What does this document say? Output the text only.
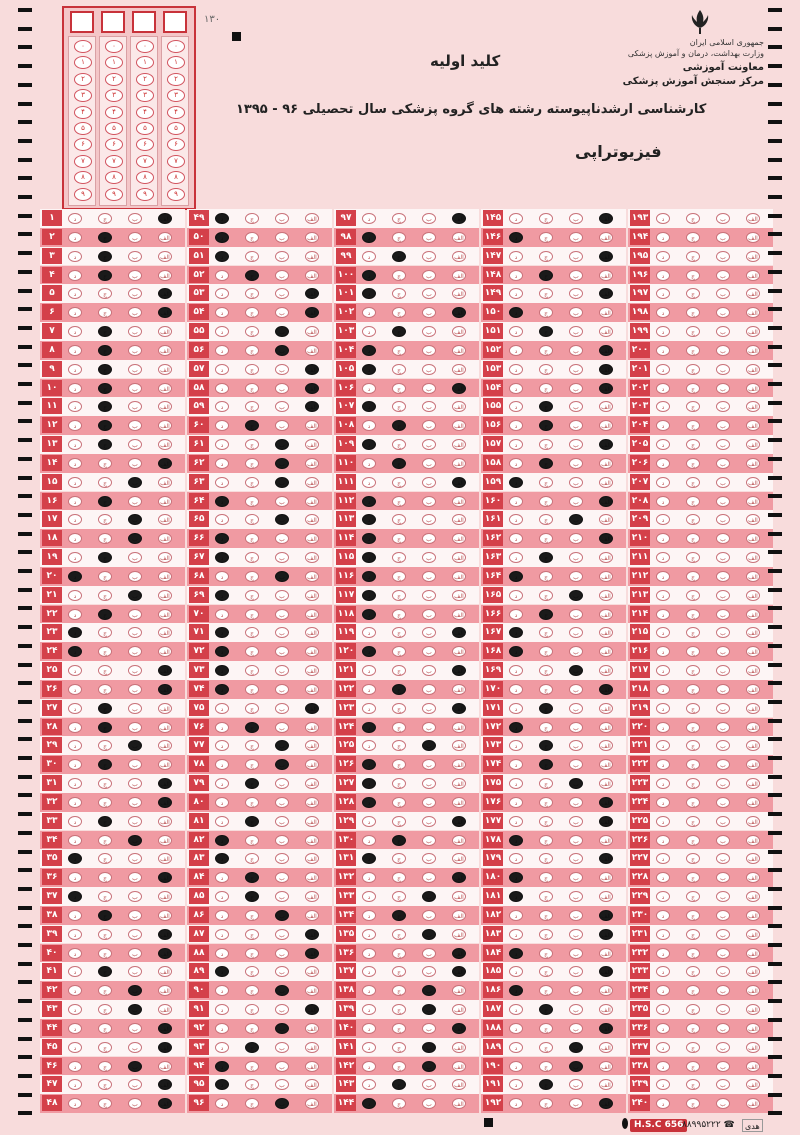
۰
۱
۲
۳
۴
۵
۶
۷
۸
۹
۰
۱
۲
۳
۴
۵
۶
۷
۸
۹
۰
۱
۲
۳
۴
۵
۶
۷
۸
۹
۰
۱
۲
۳
۴
۵
۶
۷
۸
۹
۱۳۰
کلید اولیه
کارشناسی ارشدناپیوسته رشته های گروه پزشکی سال تحصیلی ۹۶ - ۱۳۹۵
فیزیوتراپی
جمهوری اسلامی ایران
وزارت بهداشت، درمان و آموزش پزشکی
معاونت آموزشی
مرکز سنجش آموزش پزشکی
۱	د	ج	ب	الف
۲	د	ج	ب	الف
۳	د	ج	ب	الف
۴	د	ج	ب	الف
۵	د	ج	ب	الف
۶	د	ج	ب	الف
۷	د	ج	ب	الف
۸	د	ج	ب	الف
۹	د	ج	ب	الف
۱۰	د	ج	ب	الف
۱۱	د	ج	ب	الف
۱۲	د	ج	ب	الف
۱۳	د	ج	ب	الف
۱۴	د	ج	ب	الف
۱۵	د	ج	ب	الف
۱۶	د	ج	ب	الف
۱۷	د	ج	ب	الف
۱۸	د	ج	ب	الف
۱۹	د	ج	ب	الف
۲۰	د	ج	ب	الف
۲۱	د	ج	ب	الف
۲۲	د	ج	ب	الف
۲۳	د	ج	ب	الف
۲۴	د	ج	ب	الف
۲۵	د	ج	ب	الف
۲۶	د	ج	ب	الف
۲۷	د	ج	ب	الف
۲۸	د	ج	ب	الف
۲۹	د	ج	ب	الف
۳۰	د	ج	ب	الف
۳۱	د	ج	ب	الف
۳۲	د	ج	ب	الف
۳۳	د	ج	ب	الف
۳۴	د	ج	ب	الف
۳۵	د	ج	ب	الف
۳۶	د	ج	ب	الف
۳۷	د	ج	ب	الف
۳۸	د	ج	ب	الف
۳۹	د	ج	ب	الف
۴۰	د	ج	ب	الف
۴۱	د	ج	ب	الف
۴۲	د	ج	ب	الف
۴۳	د	ج	ب	الف
۴۴	د	ج	ب	الف
۴۵	د	ج	ب	الف
۴۶	د	ج	ب	الف
۴۷	د	ج	ب	الف
۴۸	د	ج	ب	الف
۴۹	د	ج	ب	الف
۵۰	د	ج	ب	الف
۵۱	د	ج	ب	الف
۵۲	د	ج	ب	الف
۵۳	د	ج	ب	الف
۵۴	د	ج	ب	الف
۵۵	د	ج	ب	الف
۵۶	د	ج	ب	الف
۵۷	د	ج	ب	الف
۵۸	د	ج	ب	الف
۵۹	د	ج	ب	الف
۶۰	د	ج	ب	الف
۶۱	د	ج	ب	الف
۶۲	د	ج	ب	الف
۶۳	د	ج	ب	الف
۶۴	د	ج	ب	الف
۶۵	د	ج	ب	الف
۶۶	د	ج	ب	الف
۶۷	د	ج	ب	الف
۶۸	د	ج	ب	الف
۶۹	د	ج	ب	الف
۷۰	د	ج	ب	الف
۷۱	د	ج	ب	الف
۷۲	د	ج	ب	الف
۷۳	د	ج	ب	الف
۷۴	د	ج	ب	الف
۷۵	د	ج	ب	الف
۷۶	د	ج	ب	الف
۷۷	د	ج	ب	الف
۷۸	د	ج	ب	الف
۷۹	د	ج	ب	الف
۸۰	د	ج	ب	الف
۸۱	د	ج	ب	الف
۸۲	د	ج	ب	الف
۸۳	د	ج	ب	الف
۸۴	د	ج	ب	الف
۸۵	د	ج	ب	الف
۸۶	د	ج	ب	الف
۸۷	د	ج	ب	الف
۸۸	د	ج	ب	الف
۸۹	د	ج	ب	الف
۹۰	د	ج	ب	الف
۹۱	د	ج	ب	الف
۹۲	د	ج	ب	الف
۹۳	د	ج	ب	الف
۹۴	د	ج	ب	الف
۹۵	د	ج	ب	الف
۹۶	د	ج	ب	الف
۹۷	د	ج	ب	الف
۹۸	د	ج	ب	الف
۹۹	د	ج	ب	الف
۱۰۰	د	ج	ب	الف
۱۰۱	د	ج	ب	الف
۱۰۲	د	ج	ب	الف
۱۰۳	د	ج	ب	الف
۱۰۴	د	ج	ب	الف
۱۰۵	د	ج	ب	الف
۱۰۶	د	ج	ب	الف
۱۰۷	د	ج	ب	الف
۱۰۸	د	ج	ب	الف
۱۰۹	د	ج	ب	الف
۱۱۰	د	ج	ب	الف
۱۱۱	د	ج	ب	الف
۱۱۲	د	ج	ب	الف
۱۱۳	د	ج	ب	الف
۱۱۴	د	ج	ب	الف
۱۱۵	د	ج	ب	الف
۱۱۶	د	ج	ب	الف
۱۱۷	د	ج	ب	الف
۱۱۸	د	ج	ب	الف
۱۱۹	د	ج	ب	الف
۱۲۰	د	ج	ب	الف
۱۲۱	د	ج	ب	الف
۱۲۲	د	ج	ب	الف
۱۲۳	د	ج	ب	الف
۱۲۴	د	ج	ب	الف
۱۲۵	د	ج	ب	الف
۱۲۶	د	ج	ب	الف
۱۲۷	د	ج	ب	الف
۱۲۸	د	ج	ب	الف
۱۲۹	د	ج	ب	الف
۱۳۰	د	ج	ب	الف
۱۳۱	د	ج	ب	الف
۱۳۲	د	ج	ب	الف
۱۳۳	د	ج	ب	الف
۱۳۴	د	ج	ب	الف
۱۳۵	د	ج	ب	الف
۱۳۶	د	ج	ب	الف
۱۳۷	د	ج	ب	الف
۱۳۸	د	ج	ب	الف
۱۳۹	د	ج	ب	الف
۱۴۰	د	ج	ب	الف
۱۴۱	د	ج	ب	الف
۱۴۲	د	ج	ب	الف
۱۴۳	د	ج	ب	الف
۱۴۴	د	ج	ب	الف
۱۴۵	د	ج	ب	الف
۱۴۶	د	ج	ب	الف
۱۴۷	د	ج	ب	الف
۱۴۸	د	ج	ب	الف
۱۴۹	د	ج	ب	الف
۱۵۰	د	ج	ب	الف
۱۵۱	د	ج	ب	الف
۱۵۲	د	ج	ب	الف
۱۵۳	د	ج	ب	الف
۱۵۴	د	ج	ب	الف
۱۵۵	د	ج	ب	الف
۱۵۶	د	ج	ب	الف
۱۵۷	د	ج	ب	الف
۱۵۸	د	ج	ب	الف
۱۵۹	د	ج	ب	الف
۱۶۰	د	ج	ب	الف
۱۶۱	د	ج	ب	الف
۱۶۲	د	ج	ب	الف
۱۶۳	د	ج	ب	الف
۱۶۴	د	ج	ب	الف
۱۶۵	د	ج	ب	الف
۱۶۶	د	ج	ب	الف
۱۶۷	د	ج	ب	الف
۱۶۸	د	ج	ب	الف
۱۶۹	د	ج	ب	الف
۱۷۰	د	ج	ب	الف
۱۷۱	د	ج	ب	الف
۱۷۲	د	ج	ب	الف
۱۷۳	د	ج	ب	الف
۱۷۴	د	ج	ب	الف
۱۷۵	د	ج	ب	الف
۱۷۶	د	ج	ب	الف
۱۷۷	د	ج	ب	الف
۱۷۸	د	ج	ب	الف
۱۷۹	د	ج	ب	الف
۱۸۰	د	ج	ب	الف
۱۸۱	د	ج	ب	الف
۱۸۲	د	ج	ب	الف
۱۸۳	د	ج	ب	الف
۱۸۴	د	ج	ب	الف
۱۸۵	د	ج	ب	الف
۱۸۶	د	ج	ب	الف
۱۸۷	د	ج	ب	الف
۱۸۸	د	ج	ب	الف
۱۸۹	د	ج	ب	الف
۱۹۰	د	ج	ب	الف
۱۹۱	د	ج	ب	الف
۱۹۲	د	ج	ب	الف
۱۹۳	د	ج	ب	الف
۱۹۴	د	ج	ب	الف
۱۹۵	د	ج	ب	الف
۱۹۶	د	ج	ب	الف
۱۹۷	د	ج	ب	الف
۱۹۸	د	ج	ب	الف
۱۹۹	د	ج	ب	الف
۲۰۰	د	ج	ب	الف
۲۰۱	د	ج	ب	الف
۲۰۲	د	ج	ب	الف
۲۰۳	د	ج	ب	الف
۲۰۴	د	ج	ب	الف
۲۰۵	د	ج	ب	الف
۲۰۶	د	ج	ب	الف
۲۰۷	د	ج	ب	الف
۲۰۸	د	ج	ب	الف
۲۰۹	د	ج	ب	الف
۲۱۰	د	ج	ب	الف
۲۱۱	د	ج	ب	الف
۲۱۲	د	ج	ب	الف
۲۱۳	د	ج	ب	الف
۲۱۴	د	ج	ب	الف
۲۱۵	د	ج	ب	الف
۲۱۶	د	ج	ب	الف
۲۱۷	د	ج	ب	الف
۲۱۸	د	ج	ب	الف
۲۱۹	د	ج	ب	الف
۲۲۰	د	ج	ب	الف
۲۲۱	د	ج	ب	الف
۲۲۲	د	ج	ب	الف
۲۲۳	د	ج	ب	الف
۲۲۴	د	ج	ب	الف
۲۲۵	د	ج	ب	الف
۲۲۶	د	ج	ب	الف
۲۲۷	د	ج	ب	الف
۲۲۸	د	ج	ب	الف
۲۲۹	د	ج	ب	الف
۲۳۰	د	ج	ب	الف
۲۳۱	د	ج	ب	الف
۲۳۲	د	ج	ب	الف
۲۳۳	د	ج	ب	الف
۲۳۴	د	ج	ب	الف
۲۳۵	د	ج	ب	الف
۲۳۶	د	ج	ب	الف
۲۳۷	د	ج	ب	الف
۲۳۸	د	ج	ب	الف
۲۳۹	د	ج	ب	الف
۲۴۰	د	ج	ب	الف
H.S.C 656
۸۸۹۹۵۲۲۲ ☎	هدی
